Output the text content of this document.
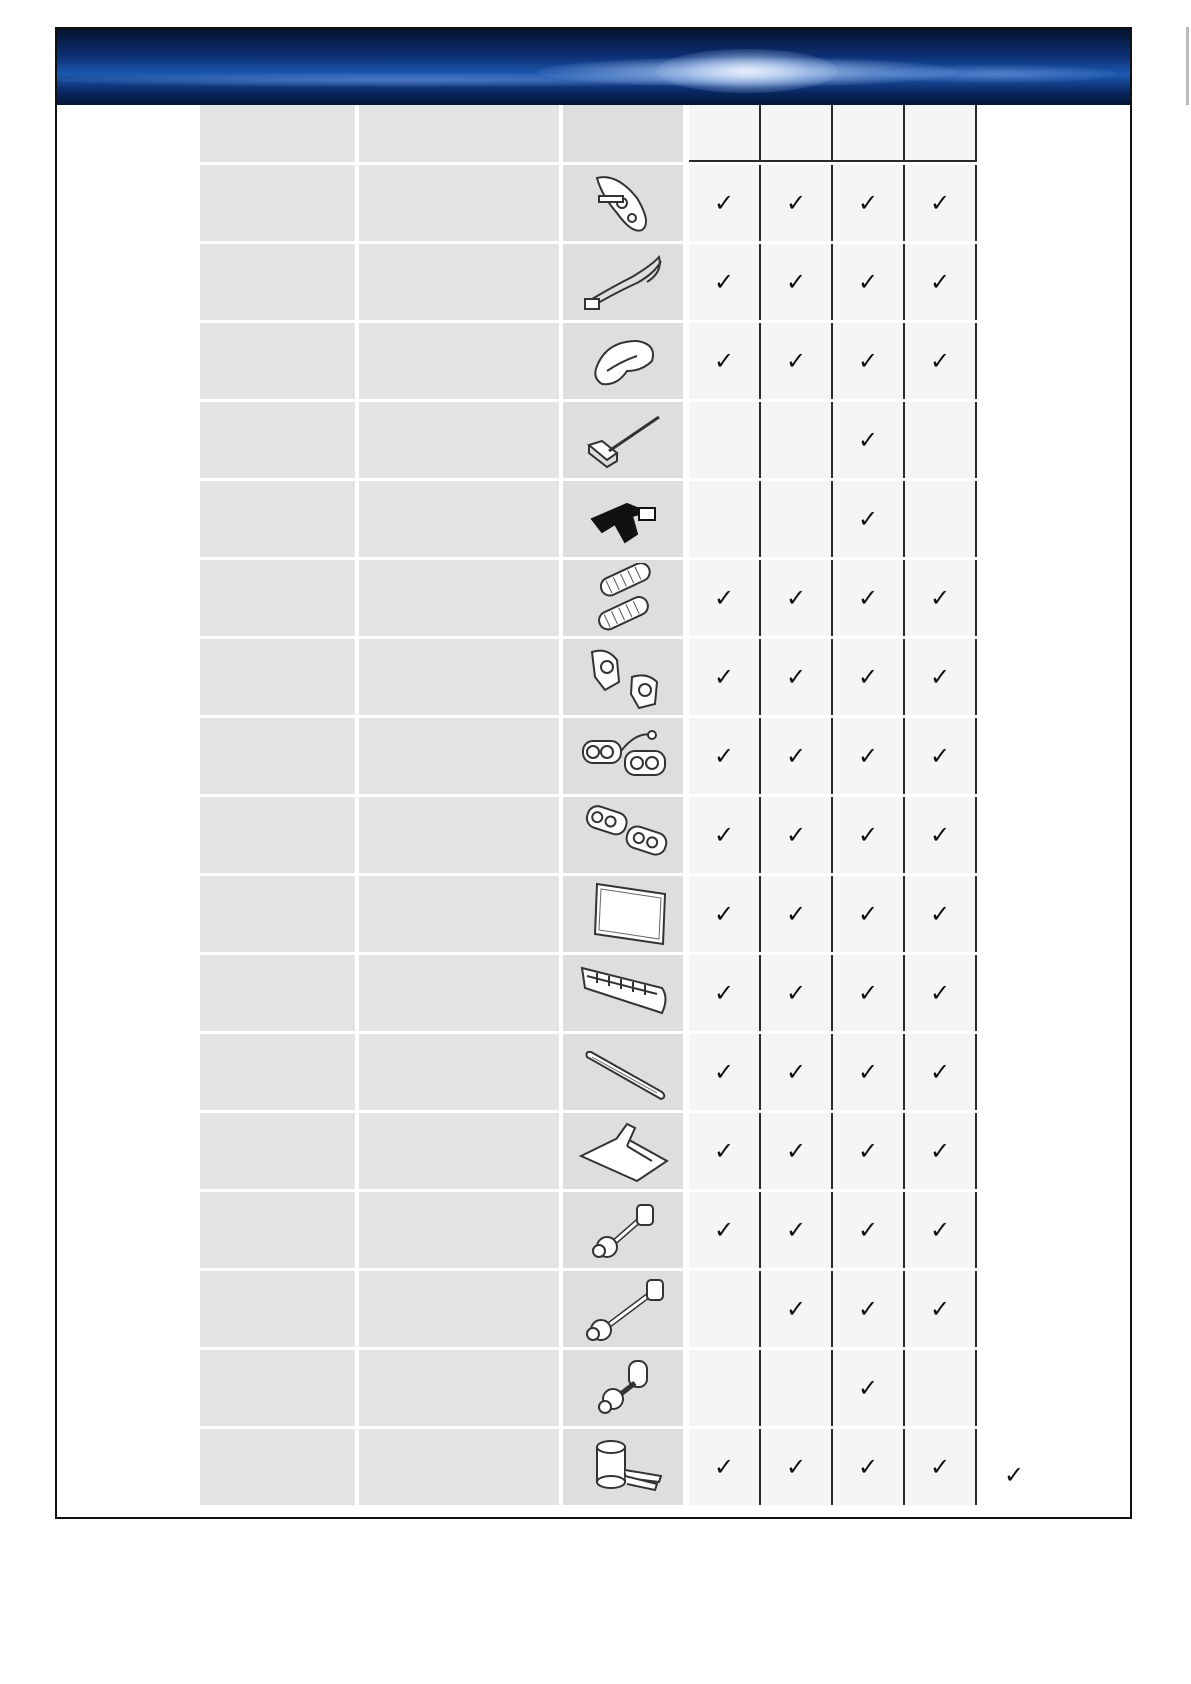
✓ ✓ ✓ ✓
✓ ✓ ✓ ✓
✓ ✓ ✓ ✓
✓
✓
✓ ✓ ✓ ✓
✓ ✓ ✓ ✓
✓ ✓ ✓ ✓
✓ ✓ ✓ ✓
✓ ✓ ✓ ✓
✓ ✓ ✓ ✓
✓ ✓ ✓ ✓
✓ ✓ ✓ ✓
✓ ✓ ✓ ✓
✓ ✓ ✓
✓
✓ ✓ ✓ ✓ ✓
